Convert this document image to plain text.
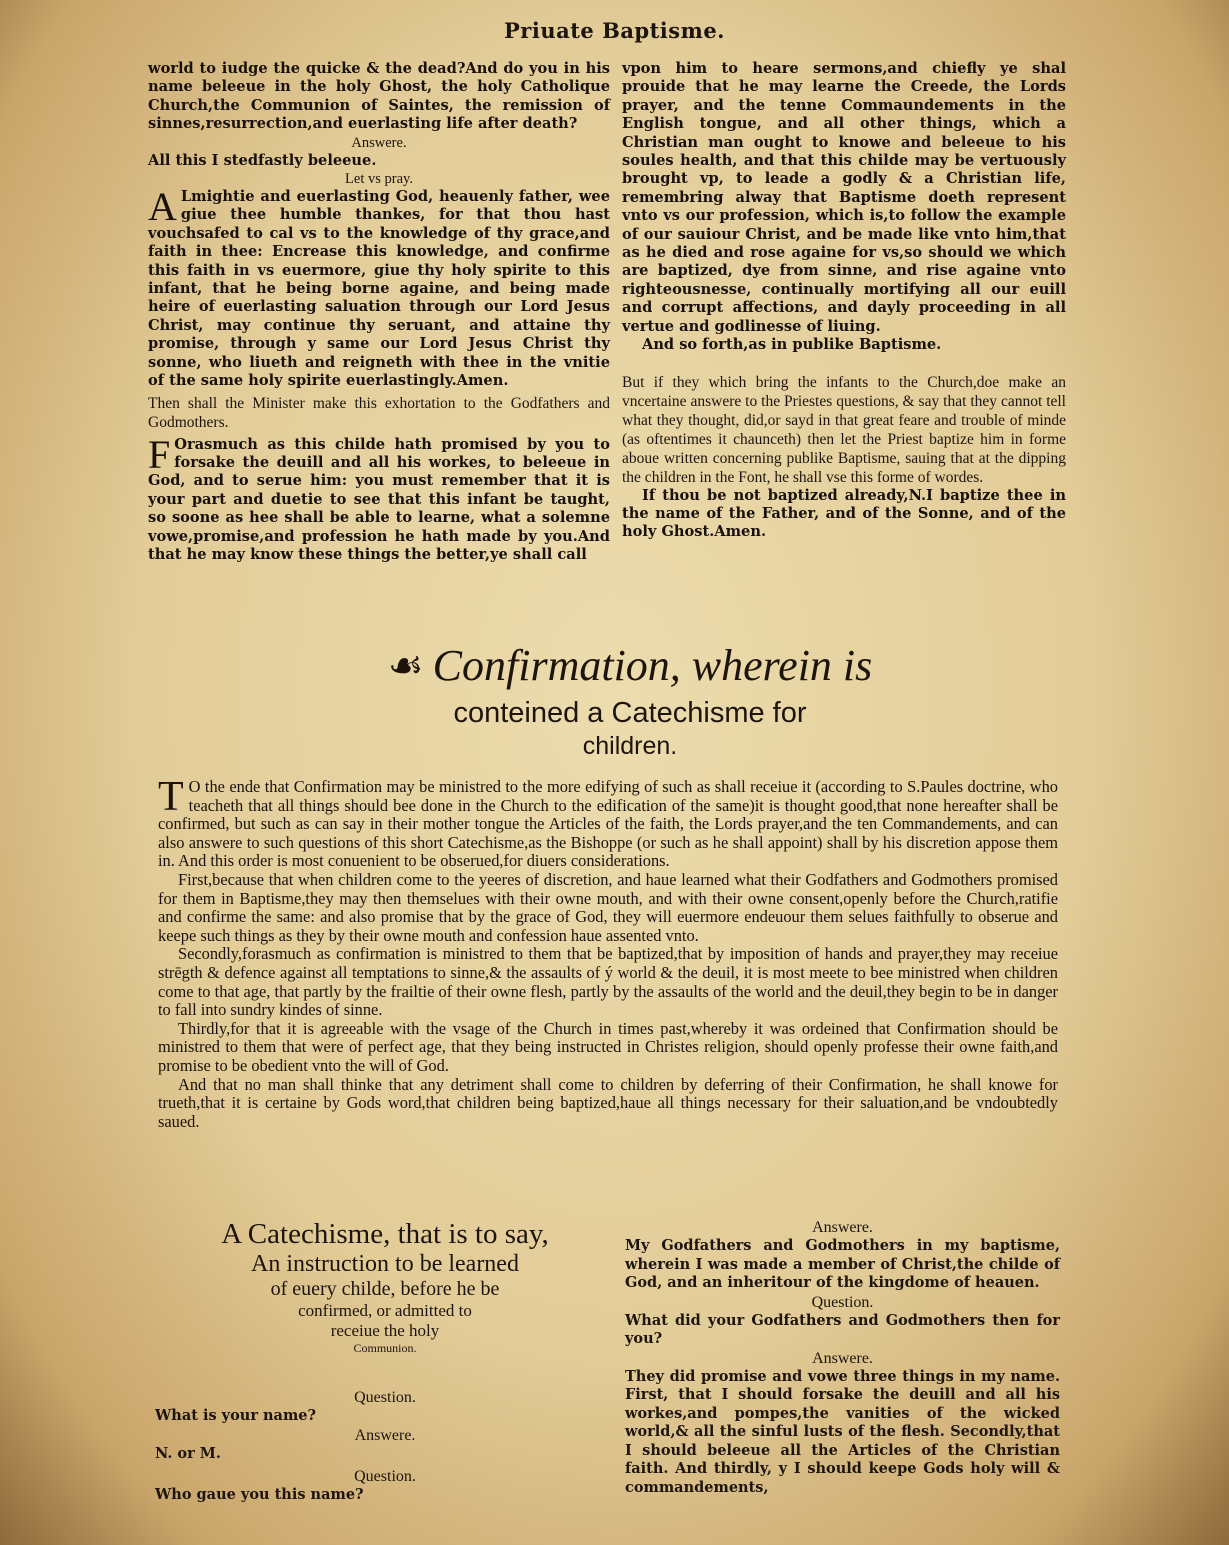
Priuate Baptisme.

world to iudge the quicke & the dead?And do you in his name beleeue in the holy Ghost, the holy Catholique Church,the Communion of Saintes, the remission of sinnes,resurrection,and euerlasting life after death?

Answere.

All this I stedfastly beleeue.

Let vs pray.

ALmightie and euerlasting God, heauenly father, wee giue thee humble thankes, for that thou hast vouchsafed to cal vs to the knowledge of thy grace,and faith in thee: Encrease this knowledge, and confirme this faith in vs euermore, giue thy holy spirite to this infant, that he being borne againe, and being made heire of euerlasting saluation through our Lord Jesus Christ, may continue thy seruant, and attaine thy promise, through y same our Lord Jesus Christ thy sonne, who liueth and reigneth with thee in the vnitie of the same holy spirite euerlastingly.Amen.

Then shall the Minister make this exhortation to the Godfathers and Godmothers.

FOrasmuch as this childe hath promised by you to forsake the deuill and all his workes, to beleeue in God, and to serue him: you must remember that it is your part and duetie to see that this infant be taught, so soone as hee shall be able to learne, what a solemne vowe,promise,and profession he hath made by you.And that he may know these things the better,ye shall call

vpon him to heare sermons,and chiefly ye shal prouide that he may learne the Creede, the Lords prayer, and the tenne Commaundements in the English tongue, and all other things, which a Christian man ought to knowe and beleeue to his soules health, and that this childe may be vertuously brought vp, to leade a godly & a Christian life, remembring alway that Baptisme doeth represent vnto vs our profession, which is,to follow the example of our sauiour Christ, and be made like vnto him,that as he died and rose againe for vs,so should we which are baptized, dye from sinne, and rise againe vnto righteousnesse, continually mortifying all our euill and corrupt affections, and dayly proceeding in all vertue and godlinesse of liuing.

And so forth,as in publike Baptisme.

But if they which bring the infants to the Church,doe make an vncertaine answere to the Priestes questions, & say that they cannot tell what they thought, did,or sayd in that great feare and trouble of minde (as oftentimes it chaunceth) then let the Priest baptize him in forme aboue written concerning publike Baptisme, sauing that at the dipping the children in the Font, he shall vse this forme of wordes.

If thou be not baptized already,N.I baptize thee in the name of the Father, and of the Sonne, and of the holy Ghost.Amen.

☙ Confirmation, wherein is
conteined a Catechisme for
children.

TO the ende that Confirmation may be ministred to the more edifying of such as shall receiue it (according to S.Paules doctrine, who teacheth that all things should bee done in the Church to the edification of the same)it is thought good,that none hereafter shall be confirmed, but such as can say in their mother tongue the Articles of the faith, the Lords prayer,and the ten Commandements, and can also answere to such questions of this short Catechisme,as the Bishoppe (or such as he shall appoint) shall by his discretion appose them in. And this order is most conuenient to be obserued,for diuers considerations.

First,because that when children come to the yeeres of discretion, and haue learned what their Godfathers and Godmothers promised for them in Baptisme,they may then themselues with their owne mouth, and with their owne consent,openly before the Church,ratifie and confirme the same: and also promise that by the grace of God, they will euermore endeuour them selues faithfully to obserue and keepe such things as they by their owne mouth and confession haue assented vnto.

Secondly,forasmuch as confirmation is ministred to them that be baptized,that by imposition of hands and prayer,they may receiue strēgth & defence against all temptations to sinne,& the assaults of ý world & the deuil, it is most meete to bee ministred when children come to that age, that partly by the frailtie of their owne flesh, partly by the assaults of the world and the deuil,they begin to be in danger to fall into sundry kindes of sinne.

Thirdly,for that it is agreeable with the vsage of the Church in times past,whereby it was ordeined that Confirmation should be ministred to them that were of perfect age, that they being instructed in Christes religion, should openly professe their owne faith,and promise to be obedient vnto the will of God.

And that no man shall thinke that any detriment shall come to children by deferring of their Confirmation, he shall knowe for trueth,that it is certaine by Gods word,that children being baptized,haue all things necessary for their saluation,and be vndoubtedly saued.

A Catechisme, that is to say,
An instruction to be learned
of euery childe, before he be
confirmed, or admitted to
receiue the holy
Communion.
Question.
What is your name?
Answere.
N. or M.
Question.
Who gaue you this name?
Answere.
My Godfathers and Godmothers in my baptisme, wherein I was made a member of Christ,the childe of God, and an inheritour of the kingdome of heauen.
Question.
What did your Godfathers and Godmothers then for you?
Answere.
They did promise and vowe three things in my name. First, that I should forsake the deuill and all his workes,and pompes,the vanities of the wicked world,& all the sinful lusts of the flesh. Secondly,that I should beleeue all the Articles of the Christian faith. And thirdly, y I should keepe Gods holy will & commandements,
